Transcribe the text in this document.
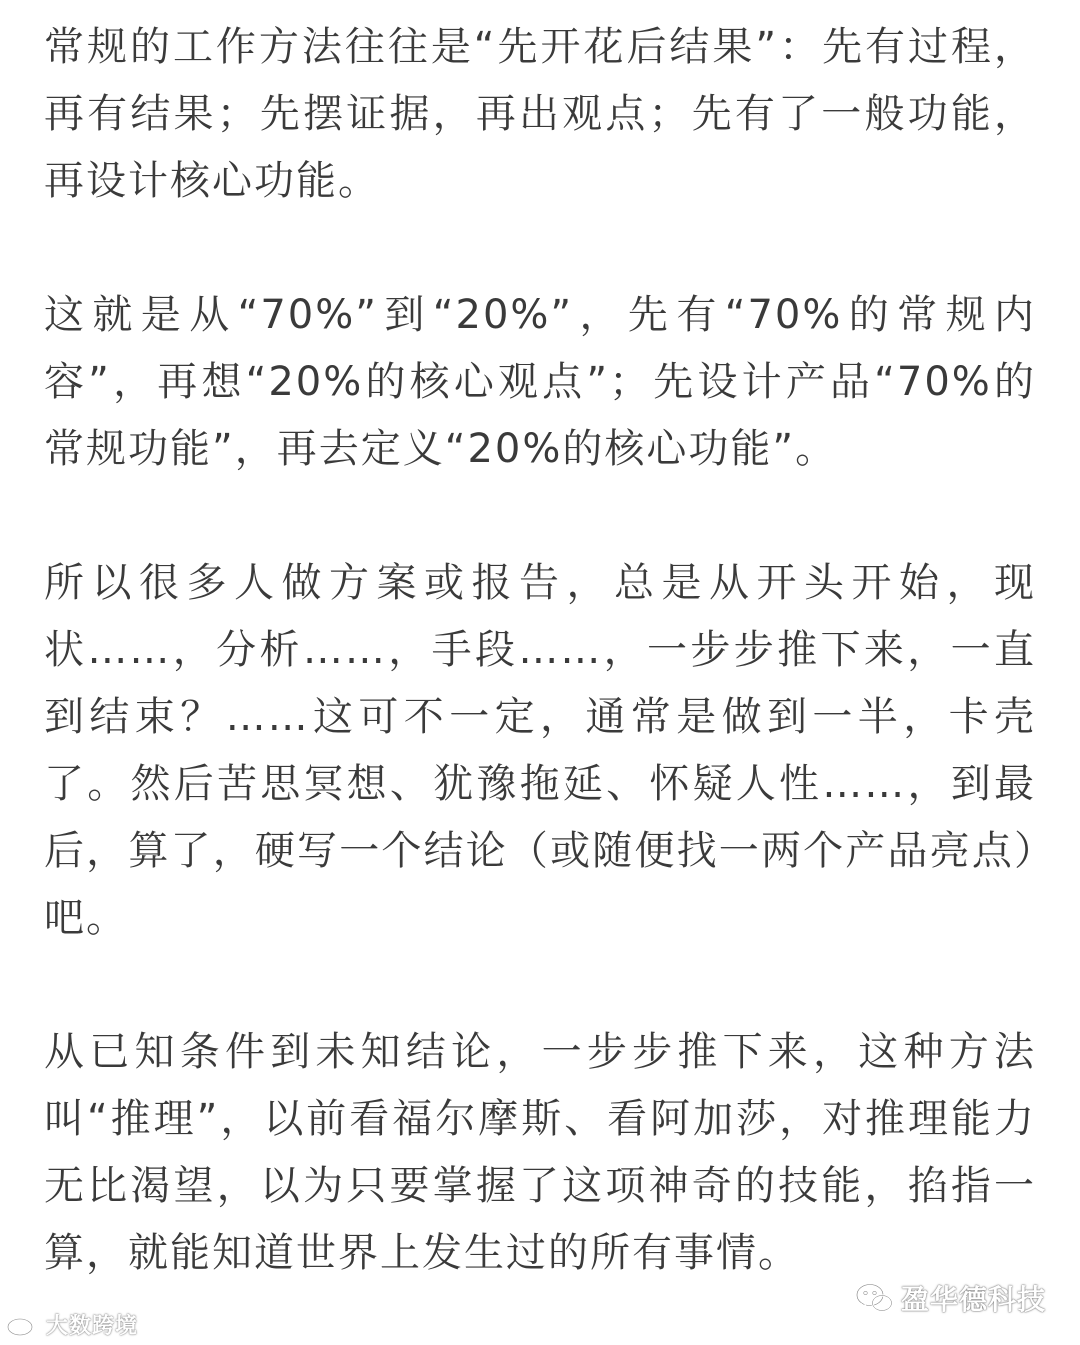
常规的工作方法往往是“先开花后结果”：先有过程，再有结果；先摆证据，再出观点；先有了一般功能，再设计核心功能。

这就是从“70%”到“20%”，先有“70%的常规内容”，再想“20%的核心观点”；先设计产品“70%的常规功能”，再去定义“20%的核心功能”。

所以很多人做方案或报告，总是从开头开始，现状……，分析……，手段……，一步步推下来，一直到结束？……这可不一定，通常是做到一半，卡壳了。然后苦思冥想、犹豫拖延、怀疑人性……，到最后，算了，硬写一个结论（或随便找一两个产品亮点）吧。

从已知条件到未知结论，一步步推下来，这种方法叫“推理”，以前看福尔摩斯、看阿加莎，对推理能力无比渴望，以为只要掌握了这项神奇的技能，掐指一算，就能知道世界上发生过的所有事情。

大数跨境
盈华德科技
